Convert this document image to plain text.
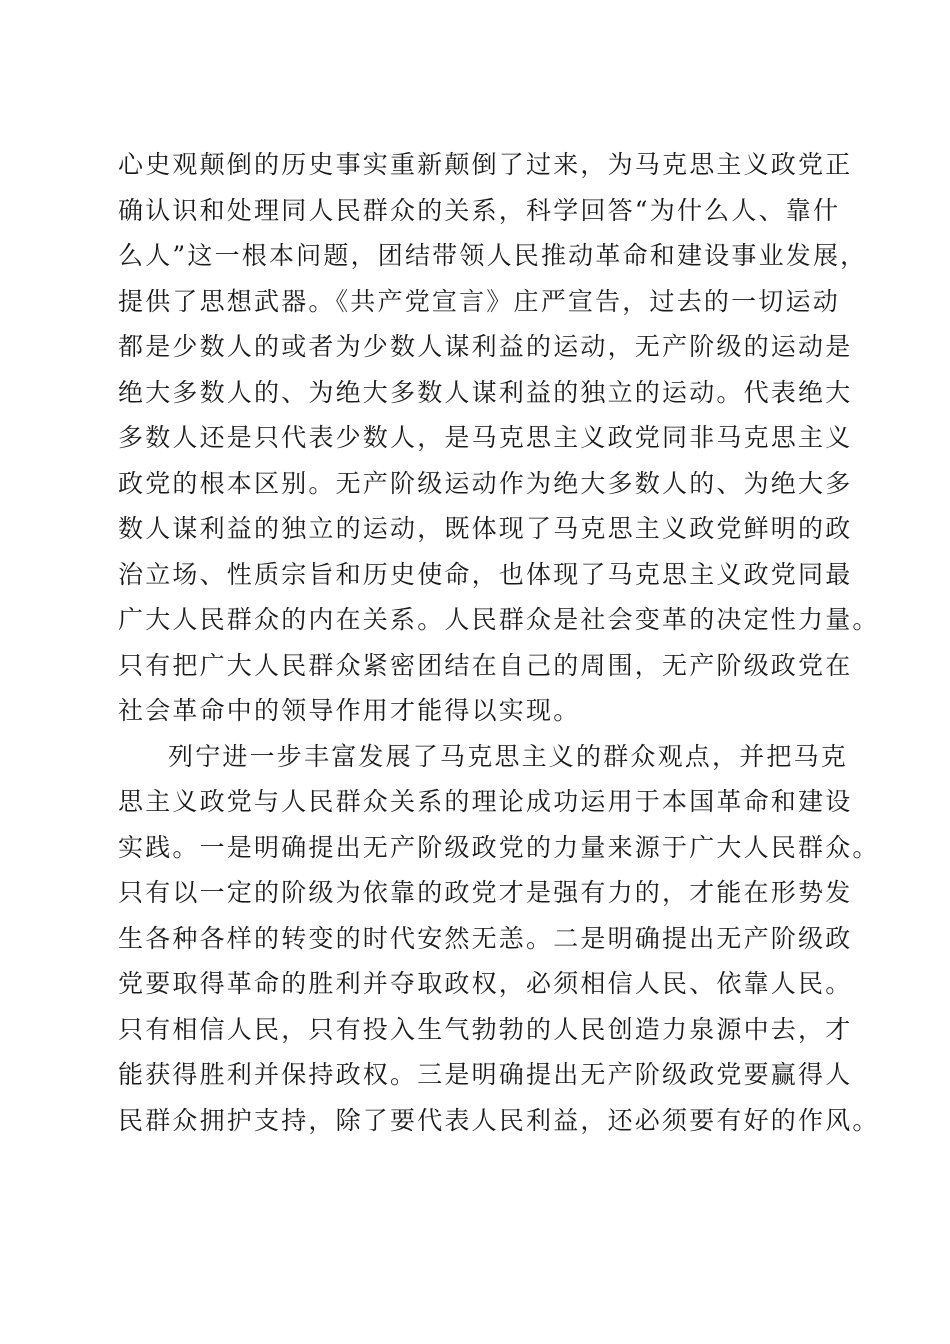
心史观颠倒的历史事实重新颠倒了过来，为马克思主义政党正
确认识和处理同人民群众的关系，科学回答“为什么人、靠什
么人”这一根本问题，团结带领人民推动革命和建设事业发展，
提供了思想武器。《共产党宣言》庄严宣告，过去的一切运动
都是少数人的或者为少数人谋利益的运动，无产阶级的运动是
绝大多数人的、为绝大多数人谋利益的独立的运动。代表绝大
多数人还是只代表少数人，是马克思主义政党同非马克思主义
政党的根本区别。无产阶级运动作为绝大多数人的、为绝大多
数人谋利益的独立的运动，既体现了马克思主义政党鲜明的政
治立场、性质宗旨和历史使命，也体现了马克思主义政党同最
广大人民群众的内在关系。人民群众是社会变革的决定性力量。
只有把广大人民群众紧密团结在自己的周围，无产阶级政党在
社会革命中的领导作用才能得以实现。
列宁进一步丰富发展了马克思主义的群众观点，并把马克
思主义政党与人民群众关系的理论成功运用于本国革命和建设
实践。一是明确提出无产阶级政党的力量来源于广大人民群众。
只有以一定的阶级为依靠的政党才是强有力的，才能在形势发
生各种各样的转变的时代安然无恙。二是明确提出无产阶级政
党要取得革命的胜利并夺取政权，必须相信人民、依靠人民。
只有相信人民，只有投入生气勃勃的人民创造力泉源中去，才
能获得胜利并保持政权。三是明确提出无产阶级政党要赢得人
民群众拥护支持，除了要代表人民利益，还必须要有好的作风。
